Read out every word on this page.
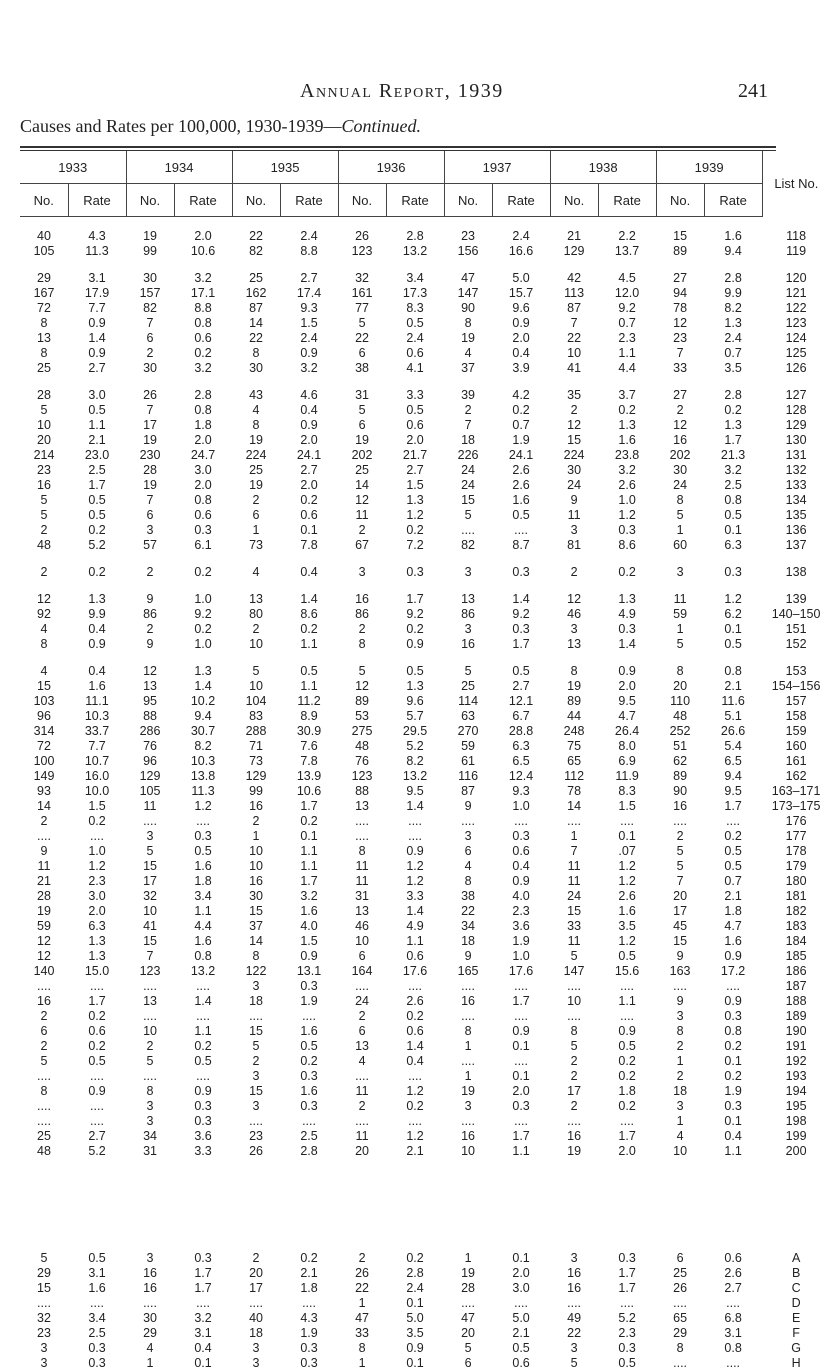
Annual Report, 1939	241
Causes and Rates per 100,000, 1930-1939—Continued.
1933		1934		1935		1936		1937		1938		1939		List No.
No.	Rate	No.	Rate	No.	Rate	No.	Rate	No.	Rate	No.	Rate	No.	Rate	

40	4.3	19	2.0	22	2.4	26	2.8	23	2.4	21	2.2	15	1.6	118
105	11.3	99	10.6	82	8.8	123	13.2	156	16.6	129	13.7	89	9.4	119

29	3.1	30	3.2	25	2.7	32	3.4	47	5.0	42	4.5	27	2.8	120
167	17.9	157	17.1	162	17.4	161	17.3	147	15.7	113	12.0	94	9.9	121
72	7.7	82	8.8	87	9.3	77	8.3	90	9.6	87	9.2	78	8.2	122
8	0.9	7	0.8	14	1.5	5	0.5	8	0.9	7	0.7	12	1.3	123
13	1.4	6	0.6	22	2.4	22	2.4	19	2.0	22	2.3	23	2.4	124
8	0.9	2	0.2	8	0.9	6	0.6	4	0.4	10	1.1	7	0.7	125
25	2.7	30	3.2	30	3.2	38	4.1	37	3.9	41	4.4	33	3.5	126

28	3.0	26	2.8	43	4.6	31	3.3	39	4.2	35	3.7	27	2.8	127
5	0.5	7	0.8	4	0.4	5	0.5	2	0.2	2	0.2	2	0.2	128
10	1.1	17	1.8	8	0.9	6	0.6	7	0.7	12	1.3	12	1.3	129
20	2.1	19	2.0	19	2.0	19	2.0	18	1.9	15	1.6	16	1.7	130
214	23.0	230	24.7	224	24.1	202	21.7	226	24.1	224	23.8	202	21.3	131
23	2.5	28	3.0	25	2.7	25	2.7	24	2.6	30	3.2	30	3.2	132
16	1.7	19	2.0	19	2.0	14	1.5	24	2.6	24	2.6	24	2.5	133
5	0.5	7	0.8	2	0.2	12	1.3	15	1.6	9	1.0	8	0.8	134
5	0.5	6	0.6	6	0.6	11	1.2	5	0.5	11	1.2	5	0.5	135
2	0.2	3	0.3	1	0.1	2	0.2	....	....	3	0.3	1	0.1	136
48	5.2	57	6.1	73	7.8	67	7.2	82	8.7	81	8.6	60	6.3	137

2	0.2	2	0.2	4	0.4	3	0.3	3	0.3	2	0.2	3	0.3	138

12	1.3	9	1.0	13	1.4	16	1.7	13	1.4	12	1.3	11	1.2	139
92	9.9	86	9.2	80	8.6	86	9.2	86	9.2	46	4.9	59	6.2	140–150
4	0.4	2	0.2	2	0.2	2	0.2	3	0.3	3	0.3	1	0.1	151
8	0.9	9	1.0	10	1.1	8	0.9	16	1.7	13	1.4	5	0.5	152

4	0.4	12	1.3	5	0.5	5	0.5	5	0.5	8	0.9	8	0.8	153
15	1.6	13	1.4	10	1.1	12	1.3	25	2.7	19	2.0	20	2.1	154–156
103	11.1	95	10.2	104	11.2	89	9.6	114	12.1	89	9.5	110	11.6	157
96	10.3	88	9.4	83	8.9	53	5.7	63	6.7	44	4.7	48	5.1	158
314	33.7	286	30.7	288	30.9	275	29.5	270	28.8	248	26.4	252	26.6	159
72	7.7	76	8.2	71	7.6	48	5.2	59	6.3	75	8.0	51	5.4	160
100	10.7	96	10.3	73	7.8	76	8.2	61	6.5	65	6.9	62	6.5	161
149	16.0	129	13.8	129	13.9	123	13.2	116	12.4	112	11.9	89	9.4	162
93	10.0	105	11.3	99	10.6	88	9.5	87	9.3	78	8.3	90	9.5	163–171
14	1.5	11	1.2	16	1.7	13	1.4	9	1.0	14	1.5	16	1.7	173–175
2	0.2	....	....	2	0.2	....	....	....	....	....	....	....	....	176
....	....	3	0.3	1	0.1	....	....	3	0.3	1	0.1	2	0.2	177
9	1.0	5	0.5	10	1.1	8	0.9	6	0.6	7	.07	5	0.5	178
11	1.2	15	1.6	10	1.1	11	1.2	4	0.4	11	1.2	5	0.5	179
21	2.3	17	1.8	16	1.7	11	1.2	8	0.9	11	1.2	7	0.7	180
28	3.0	32	3.4	30	3.2	31	3.3	38	4.0	24	2.6	20	2.1	181
19	2.0	10	1.1	15	1.6	13	1.4	22	2.3	15	1.6	17	1.8	182
59	6.3	41	4.4	37	4.0	46	4.9	34	3.6	33	3.5	45	4.7	183
12	1.3	15	1.6	14	1.5	10	1.1	18	1.9	11	1.2	15	1.6	184
12	1.3	7	0.8	8	0.9	6	0.6	9	1.0	5	0.5	9	0.9	185
140	15.0	123	13.2	122	13.1	164	17.6	165	17.6	147	15.6	163	17.2	186
....	....	....	....	3	0.3	....	....	....	....	....	....	....	....	187
16	1.7	13	1.4	18	1.9	24	2.6	16	1.7	10	1.1	9	0.9	188
2	0.2	....	....	....	....	2	0.2	....	....	....	....	3	0.3	189
6	0.6	10	1.1	15	1.6	6	0.6	8	0.9	8	0.9	8	0.8	190
2	0.2	2	0.2	5	0.5	13	1.4	1	0.1	5	0.5	2	0.2	191
5	0.5	5	0.5	2	0.2	4	0.4	....	....	2	0.2	1	0.1	192
....	....	....	....	3	0.3	....	....	1	0.1	2	0.2	2	0.2	193
8	0.9	8	0.9	15	1.6	11	1.2	19	2.0	17	1.8	18	1.9	194
....	....	3	0.3	3	0.3	2	0.2	3	0.3	2	0.2	3	0.3	195
....	....	3	0.3	....	....	....	....	....	....	....	....	1	0.1	198
25	2.7	34	3.6	23	2.5	11	1.2	16	1.7	16	1.7	4	0.4	199
48	5.2	31	3.3	26	2.8	20	2.1	10	1.1	19	2.0	10	1.1	200

5	0.5	3	0.3	2	0.2	2	0.2	1	0.1	3	0.3	6	0.6	A
29	3.1	16	1.7	20	2.1	26	2.8	19	2.0	16	1.7	25	2.6	B
15	1.6	16	1.7	17	1.8	22	2.4	28	3.0	16	1.7	26	2.7	C
....	....	....	....	....	....	1	0.1	....	....	....	....	....	....	D
32	3.4	30	3.2	40	4.3	47	5.0	47	5.0	49	5.2	65	6.8	E
23	2.5	29	3.1	18	1.9	33	3.5	20	2.1	22	2.3	29	3.1	F
3	0.3	4	0.4	3	0.3	8	0.9	5	0.5	3	0.3	8	0.8	G
3	0.3	1	0.1	3	0.3	1	0.1	6	0.6	5	0.5	....	....	H
